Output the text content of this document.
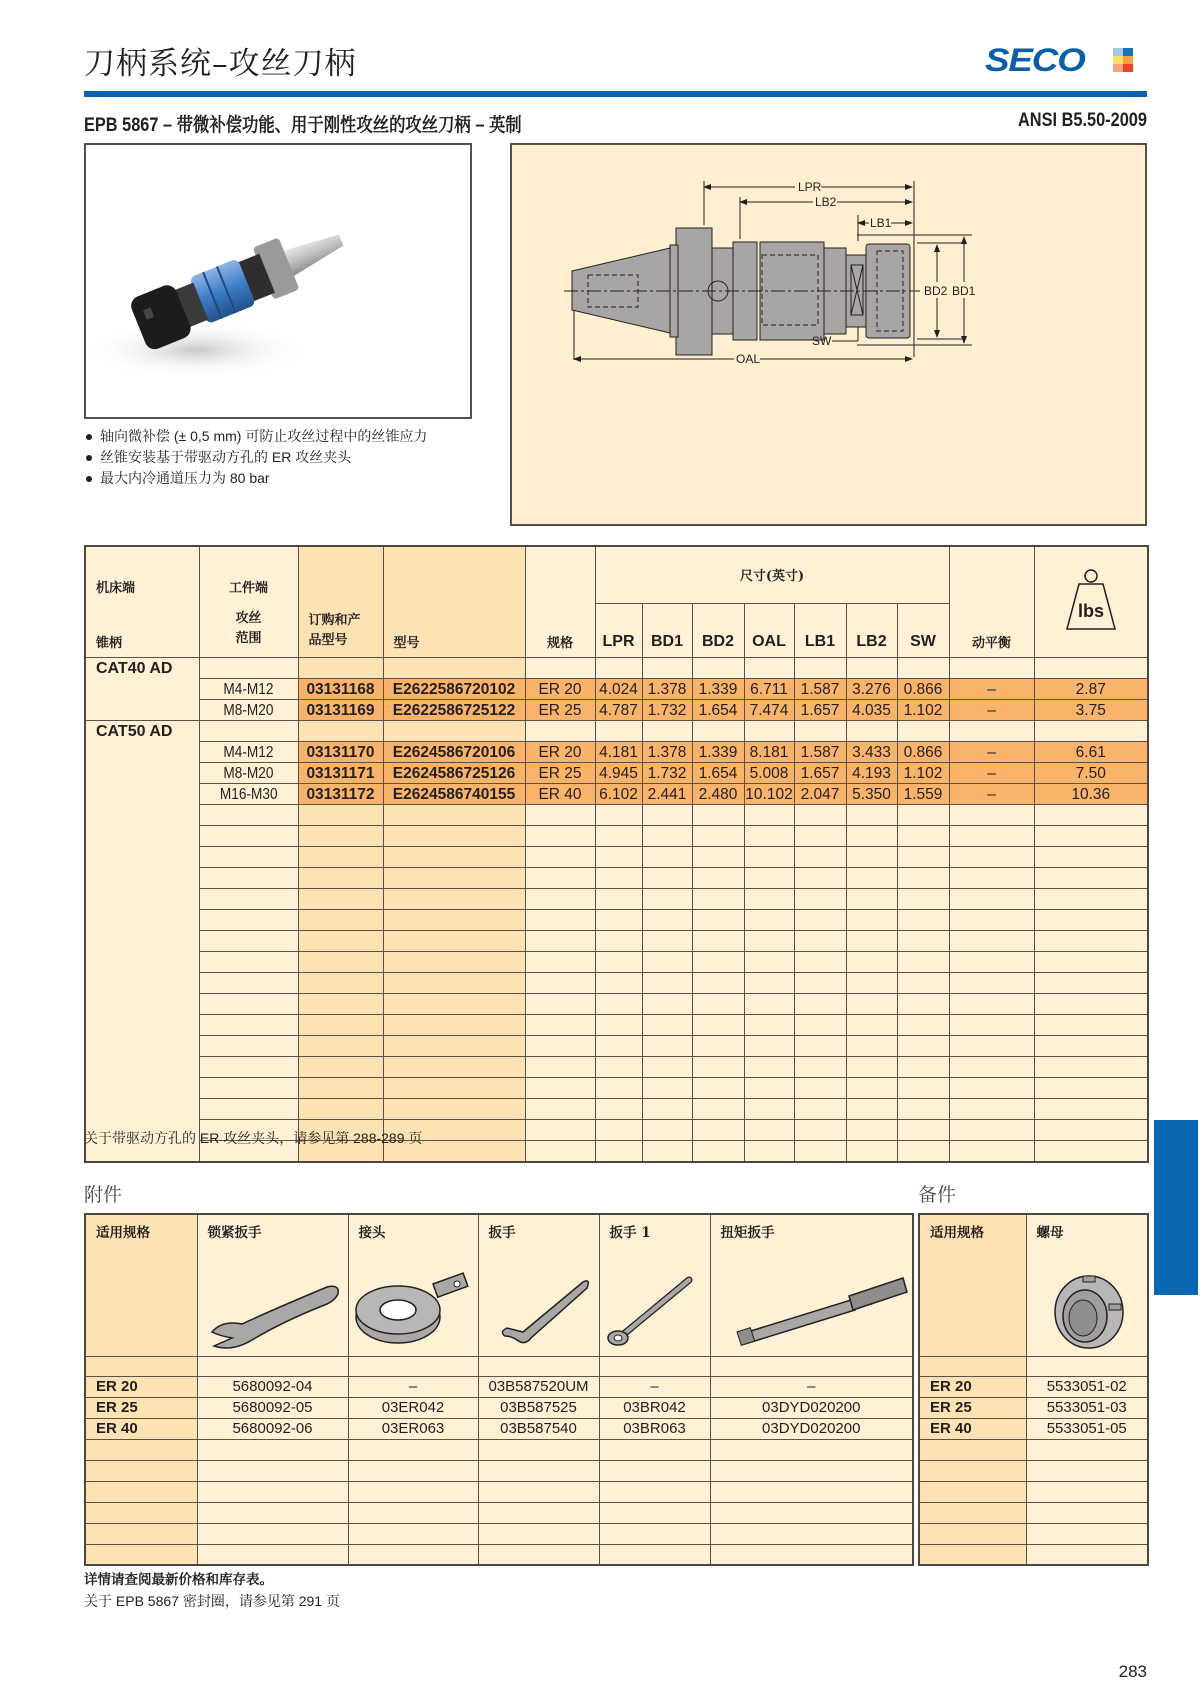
刀柄系统–攻丝刀柄	SECO
EPB 5867 – 带微补偿功能、用于刚性攻丝的攻丝刀柄 – 英制	ANSI B5.50-2009
轴向微补偿 (± 0,5 mm) 可防止攻丝过程中的丝锥应力
丝锥安装基于带驱动方孔的 ER 攻丝夹头
最大内冷通道压力为 80 bar
LPR
LB2
LB1
BD2 BD1
SW
OAL
机床端
锥柄

工件端
攻丝
范围

订购和产
品型号	型号	规格	尺寸(英寸)	动平衡	
lbs

					LPR	BD1	BD2	OAL	LB1	LB2	SW		
CAT40 AD													
	M4-M12	03131168	E2622586720102	ER 20	4.024	1.378	1.339	6.711	1.587	3.276	0.866	–	2.87
	M8-M20	03131169	E2622586725122	ER 25	4.787	1.732	1.654	7.474	1.657	4.035	1.102	–	3.75
CAT50 AD													
	M4-M12	03131170	E2624586720106	ER 20	4.181	1.378	1.339	8.181	1.587	3.433	0.866	–	6.61
	M8-M20	03131171	E2624586725126	ER 25	4.945	1.732	1.654	5.008	1.657	4.193	1.102	–	7.50
	M16-M30	03131172	E2624586740155	ER 40	6.102	2.441	2.480	10.102	2.047	5.350	1.559	–	10.36

关于带驱动方孔的 ER 攻丝夹头，请参见第 288-289 页
附件	备件
适用规格	锁紧扳手	接头	扳手	扳手 1	扭矩扳手

ER 20	5680092-04	–	03B587520UM	–	–
ER 25	5680092-05	03ER042	03B587525	03BR042	03DYD020200
ER 40	5680092-06	03ER063	03B587540	03BR063	03DYD020200

适用规格	螺母

ER 20	5533051-02
ER 25	5533051-03
ER 40	5533051-05

详情请查阅最新价格和库存表。
关于 EPB 5867 密封圈，请参见第 291 页
283
